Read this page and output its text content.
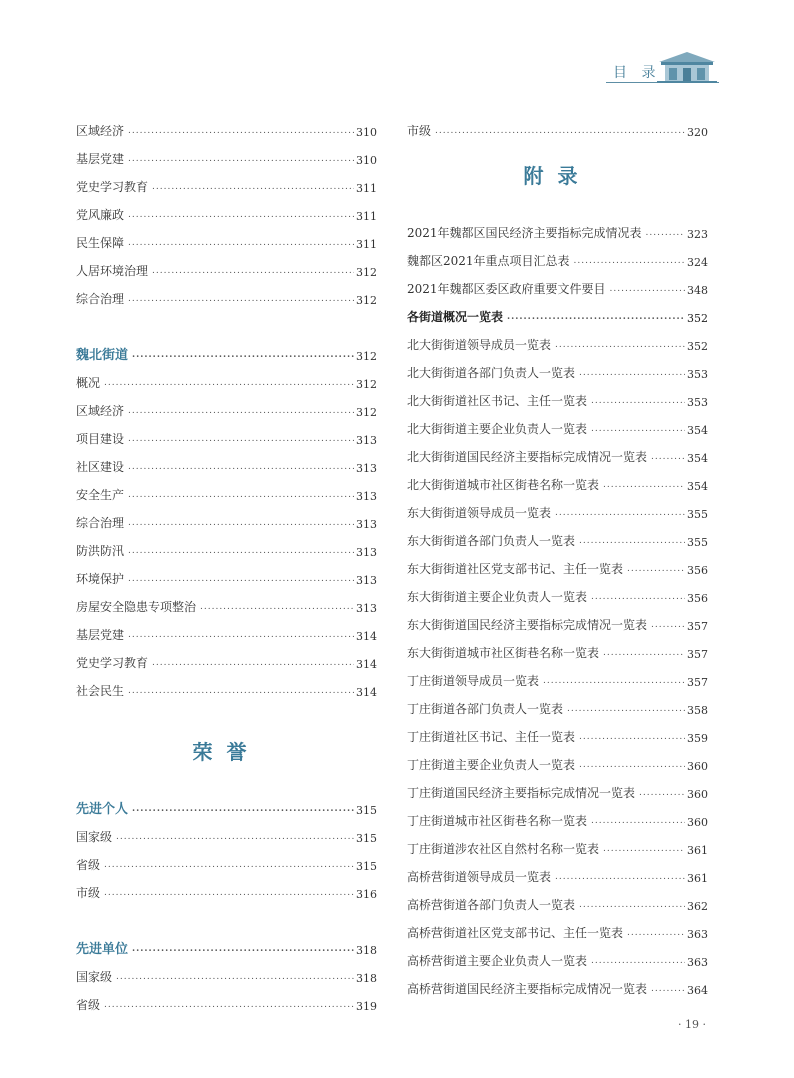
目 录
区域经济 .....	310
基层党建 .....	310
党史学习教育 .....	311
党风廉政 .....	311
民生保障 .....	311
人居环境治理 .....	312
综合治理 .....	312
魏北街道 .....	312
概况 .....	312
区域经济 .....	312
项目建设 .....	313
社区建设 .....	313
安全生产 .....	313
综合治理 .....	313
防洪防汛 .....	313
环境保护 .....	313
房屋安全隐患专项整治 .....	313
基层党建 .....	314
党史学习教育 .....	314
社会民生 .....	314
荣誉
先进个人 .....	315
国家级 .....	315
省级 .....	315
市级 .....	316
先进单位 .....	318
国家级 .....	318
省级 .....	319
市级 .....	320
附录
2021年魏都区国民经济主要指标完成情况表 .....	323
魏都区2021年重点项目汇总表 .....	324
2021年魏都区委区政府重要文件要目 .....	348
各街道概况一览表 .....	352
北大街街道领导成员一览表 .....	352
北大街街道各部门负责人一览表 .....	353
北大街街道社区书记、主任一览表 .....	353
北大街街道主要企业负责人一览表 .....	354
北大街街道国民经济主要指标完成情况一览表 .....	354
北大街街道城市社区街巷名称一览表 .....	354
东大街街道领导成员一览表 .....	355
东大街街道各部门负责人一览表 .....	355
东大街街道社区党支部书记、主任一览表 .....	356
东大街街道主要企业负责人一览表 .....	356
东大街街道国民经济主要指标完成情况一览表 .....	357
东大街街道城市社区街巷名称一览表 .....	357
丁庄街道领导成员一览表 .....	357
丁庄街道各部门负责人一览表 .....	358
丁庄街道社区书记、主任一览表 .....	359
丁庄街道主要企业负责人一览表 .....	360
丁庄街道国民经济主要指标完成情况一览表 .....	360
丁庄街道城市社区街巷名称一览表 .....	360
丁庄街道涉农社区自然村名称一览表 .....	361
高桥营街道领导成员一览表 .....	361
高桥营街道各部门负责人一览表 .....	362
高桥营街道社区党支部书记、主任一览表 .....	363
高桥营街道主要企业负责人一览表 .....	363
高桥营街道国民经济主要指标完成情况一览表 .....	364
· 19 ·
